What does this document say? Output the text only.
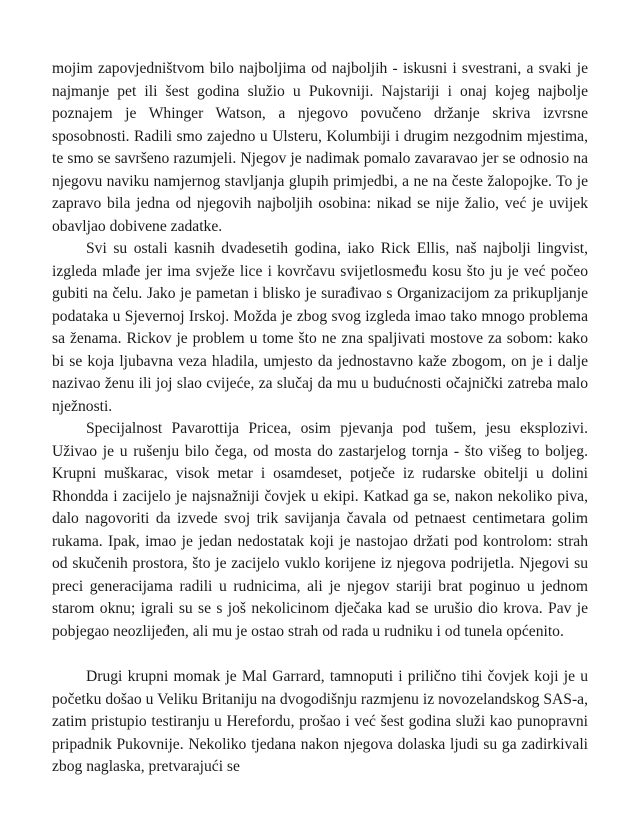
mojim zapovjedništvom bilo najboljima od najboljih - iskusni i svestrani, a svaki je najmanje pet ili šest godina služio u Pukovniji. Najstariji i onaj kojeg najbolje poznajem je Whinger Watson, a njegovo povučeno držanje skriva izvrsne sposobnosti. Radili smo zajedno u Ulsteru, Kolumbiji i drugim nezgodnim mjestima, te smo se savršeno razumjeli. Njegov je nadimak pomalo zavaravao jer se odnosio na njegovu naviku namjernog stavljanja glupih primjedbi, a ne na česte žalopojke. To je zapravo bila jedna od njegovih najboljih osobina: nikad se nije žalio, već je uvijek obavljao dobivene zadatke.

Svi su ostali kasnih dvadesetih godina, iako Rick Ellis, naš najbolji lingvist, izgleda mlađe jer ima svježe lice i kovrčavu svijetlosmeđu kosu što ju je već počeo gubiti na čelu. Jako je pametan i blisko je surađivao s Organizacijom za prikupljanje podataka u Sjevernoj Irskoj. Možda je zbog svog izgleda imao tako mnogo problema sa ženama. Rickov je problem u tome što ne zna spaljivati mostove za sobom: kako bi se koja ljubavna veza hladila, umjesto da jednostavno kaže zbogom, on je i dalje nazivao ženu ili joj slao cvijeće, za slučaj da mu u budućnosti očajnički zatreba malo nježnosti.

Specijalnost Pavarottija Pricea, osim pjevanja pod tušem, jesu eksplozivi. Uživao je u rušenju bilo čega, od mosta do zastarjelog tornja - što višeg to boljeg. Krupni muškarac, visok metar i osamdeset, potječe iz rudarske obitelji u dolini Rhondda i zacijelo je najsnažniji čovjek u ekipi. Katkad ga se, nakon nekoliko piva, dalo nagovoriti da izvede svoj trik savijanja čavala od petnaest centimetara golim rukama. Ipak, imao je jedan nedostatak koji je nastojao držati pod kontrolom: strah od skučenih prostora, što je zacijelo vuklo korijene iz njegova podrijetla. Njegovi su preci generacijama radili u rudnicima, ali je njegov stariji brat poginuo u jednom starom oknu; igrali su se s još nekolicinom dječaka kad se urušio dio krova. Pav je pobjegao neozlijeđen, ali mu je ostao strah od rada u rudniku i od tunela općenito.

Drugi krupni momak je Mal Garrard, tamnoputi i prilično tihi čovjek koji je u početku došao u Veliku Britaniju na dvogodišnju razmjenu iz novozelandskog SAS-a, zatim pristupio testiranju u Herefordu, prošao i već šest godina služi kao punopravni pripadnik Pukovnije. Nekoliko tjedana nakon njegova dolaska ljudi su ga zadirkivali zbog naglaska, pretvarajući se
